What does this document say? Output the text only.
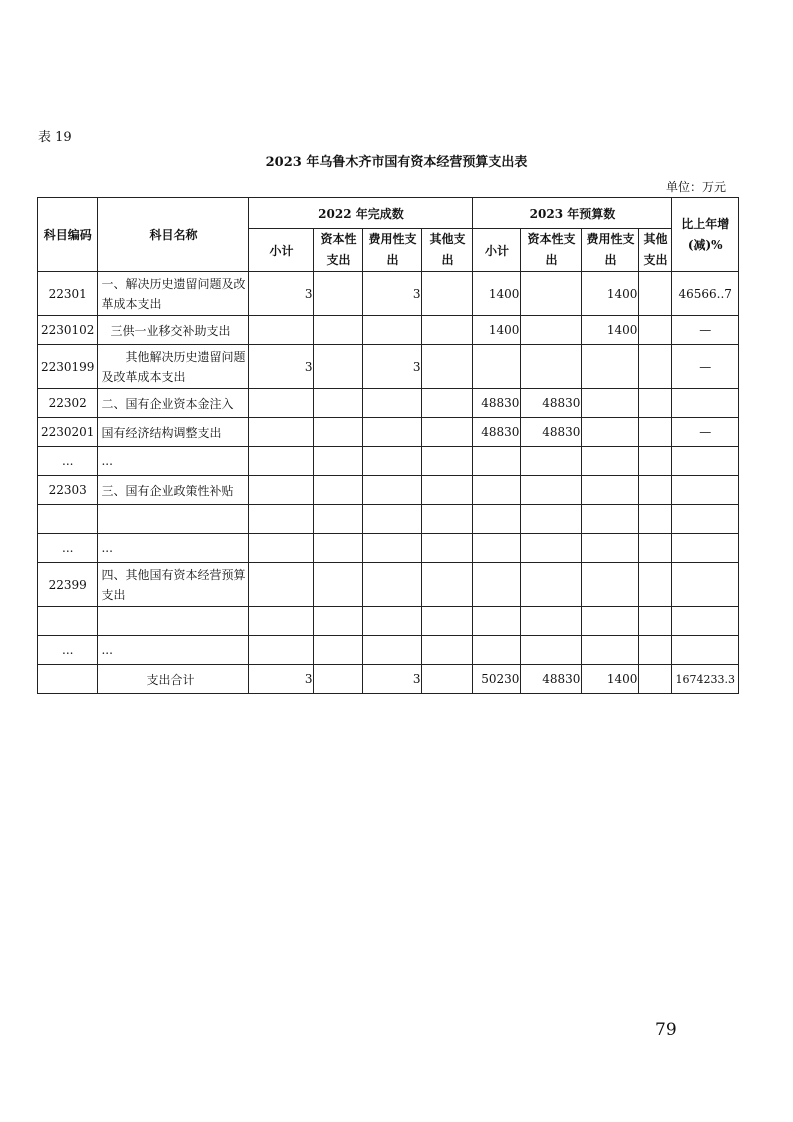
表 19
2023 年乌鲁木齐市国有资本经营预算支出表
单位：万元
科目编码	科目名称	2022 年完成数				2023 年预算数				比上年增(减)%
		小计	资本性支出	费用性支出	其他支出	小计	资本性支出	费用性支出	其他支出	
22301	一、解决历史遗留问题及改革成本支出	3		3		1400		1400		46566..7
2230102	三供一业移交补助支出					1400		1400		—
2230199	其他解决历史遗留问题及改革成本支出	3		3						—
22302	二、国有企业资本金注入					48830	48830			
2230201	国有经济结构调整支出					48830	48830			—
...	...									
22303	三、国有企业政策性补贴									

...	...									
22399	四、其他国有资本经营预算支出									

...	...									
	支出合计	3		3		50230	48830	1400		1674233.3
79
